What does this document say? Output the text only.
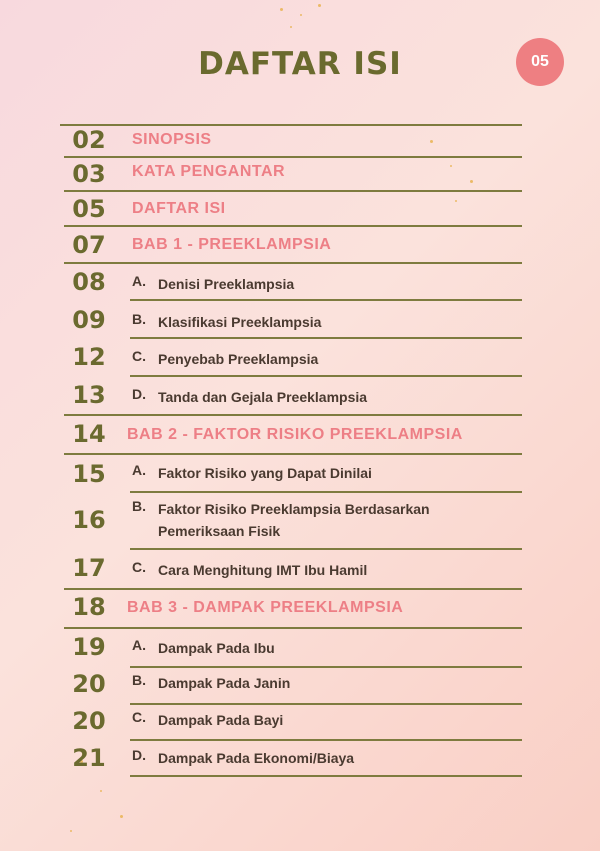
DAFTAR ISI	05
02	SINOPSIS
03	KATA PENGANTAR
05	DAFTAR ISI
07	BAB 1 - PREEKLAMPSIA
08	A. Denisi Preeklampsia
09	B. Klasifikasi Preeklampsia
12	C. Penyebab Preeklampsia
13	D. Tanda dan Gejala Preeklampsia
14	BAB 2 - FAKTOR RISIKO PREEKLAMPSIA
15	A. Faktor Risiko yang Dapat Dinilai
16	B. Faktor Risiko Preeklampsia Berdasarkan
Pemeriksaan Fisik
17	C. Cara Menghitung IMT Ibu Hamil
18	BAB 3 - DAMPAK PREEKLAMPSIA
19	A. Dampak Pada Ibu
20	B. Dampak Pada Janin
20	C. Dampak Pada Bayi
21	D. Dampak Pada Ekonomi/Biaya
